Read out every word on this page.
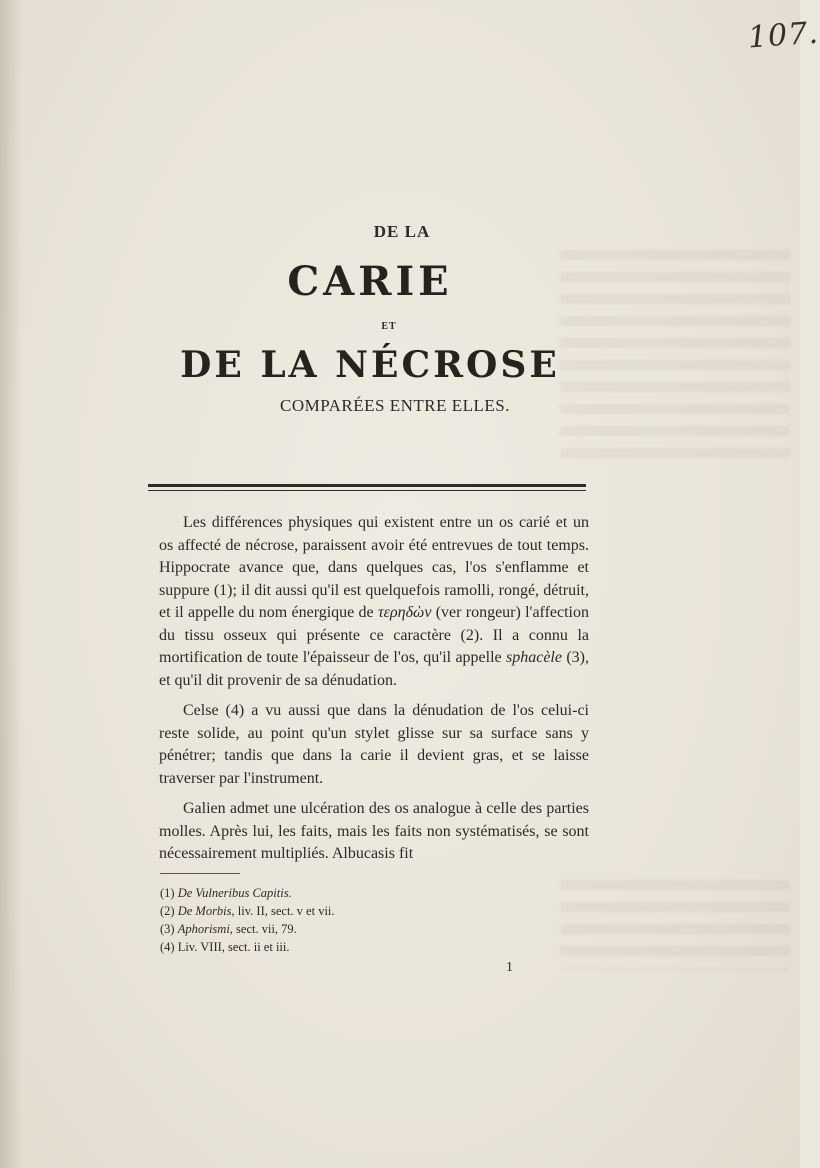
107.
DE LA
CARIE
ET
DE LA NÉCROSE
COMPARÉES ENTRE ELLES.

Les différences physiques qui existent entre un os carié et un os affecté de nécrose, paraissent avoir été entrevues de tout temps. Hippocrate avance que, dans quelques cas, l'os s'enflamme et suppure (1); il dit aussi qu'il est quelquefois ramolli, rongé, détruit, et il appelle du nom énergique de τερηδὼν (ver rongeur) l'affection du tissu osseux qui présente ce caractère (2). Il a connu la mortification de toute l'épaisseur de l'os, qu'il appelle sphacèle (3), et qu'il dit provenir de sa dénudation.

Celse (4) a vu aussi que dans la dénudation de l'os celui-ci reste solide, au point qu'un stylet glisse sur sa surface sans y pénétrer; tandis que dans la carie il devient gras, et se laisse traverser par l'instrument.

Galien admet une ulcération des os analogue à celle des parties molles. Après lui, les faits, mais les faits non systématisés, se sont nécessairement multipliés. Albucasis fit

(1) De Vulneribus Capitis.
(2) De Morbis, liv. II, sect. v et vii.
(3) Aphorismi, sect. vii, 79.
(4) Liv. VIII, sect. ii et iii.
1
